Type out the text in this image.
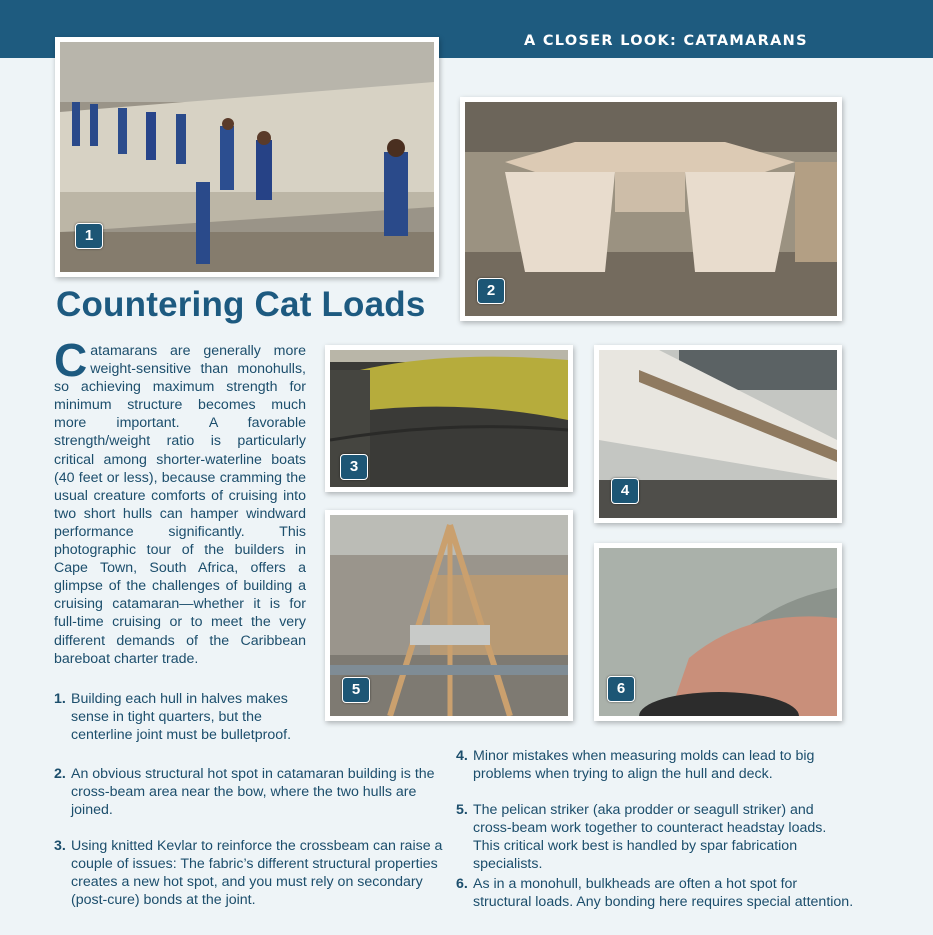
A CLOSER LOOK: CATAMARANS
1
2
Countering Cat Loads
3
4
5	6

Catamarans are generally more weight-sensitive than monohulls, so achieving maximum strength for minimum structure becomes much more important. A favorable strength/weight ratio is particularly critical among shorter-waterline boats (40 feet or less), because cramming the usual creature comforts of cruising into two short hulls can hamper windward performance significantly. This photographic tour of the builders in Cape Town, South Africa, offers a glimpse of the challenges of building a cruising catamaran—whether it is for full-time cruising or to meet the very different demands of the Caribbean bareboat charter trade.

1. Building each hull in halves makes sense in tight quarters, but the centerline joint must be bulletproof.

2. An obvious structural hot spot in catamaran building is the cross-beam area near the bow, where the two hulls are joined.

3. Using knitted Kevlar to reinforce the crossbeam can raise a couple of issues: The fabric’s different structural properties creates a new hot spot, and you must rely on secondary (post-cure) bonds at the joint.

4. Minor mistakes when measuring molds can lead to big problems when trying to align the hull and deck.

5. The pelican striker (aka prodder or seagull striker) and cross-beam work together to counteract headstay loads. This critical work best is handled by spar fabrication specialists.

6. As in a monohull, bulkheads are often a hot spot for structural loads. Any bonding here requires special attention.
